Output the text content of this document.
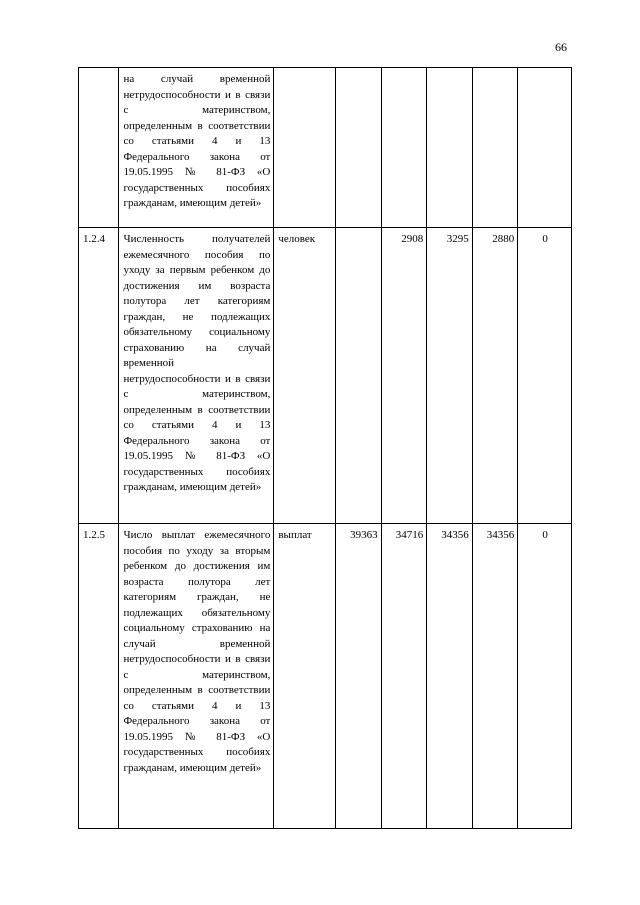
66

	на случай временной нетрудоспособности и в связи с материнством, определенным в соответствии со статьями 4 и 13 Федерального закона от 19.05.1995 № 81-ФЗ «О государственных пособиях гражданам, имеющим детей»						

1.2.4	Численность получателей ежемесячного пособия по уходу за первым ребенком до достижения им возраста полутора лет категориям граждан, не подлежащих обязательному социальному страхованию на случай временной нетрудоспособности и в связи с материнством, определенным в соответствии со статьями 4 и 13 Федерального закона от 19.05.1995 № 81-ФЗ «О государственных пособиях гражданам, имеющим детей»	человек		2908	3295	2880	0
1.2.5	Число выплат ежемесячного пособия по уходу за вторым ребенком до достижения им возраста полутора лет категориям граждан, не подлежащих обязательному социальному страхованию на случай временной нетрудоспособности и в связи с материнством, определенным в соответствии со статьями 4 и 13 Федерального закона от 19.05.1995 № 81-ФЗ «О государственных пособиях гражданам, имеющим детей»	выплат	39363	34716	34356	34356	0
